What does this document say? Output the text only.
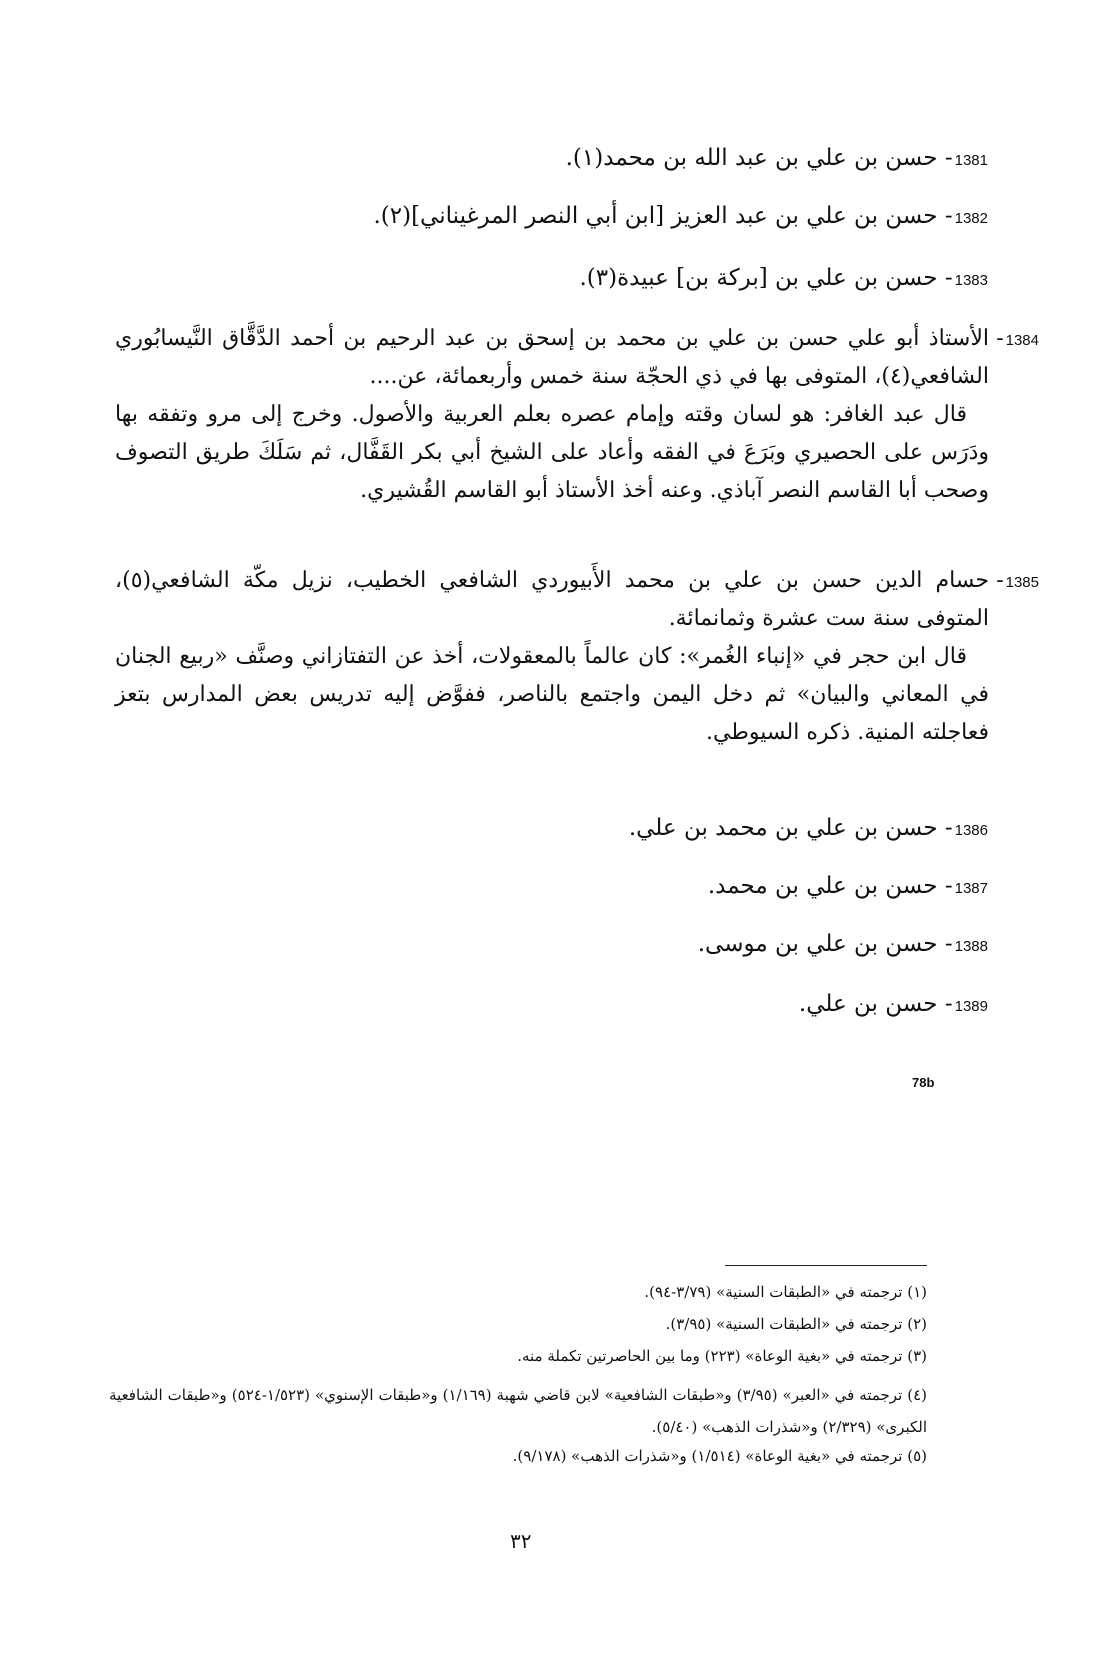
1381- حسن بن علي بن عبد الله بن محمد(١).
1382- حسن بن علي بن عبد العزيز [ابن أبي النصر المرغيناني](٢).
1383- حسن بن علي بن [بركة بن] عبيدة(٣).
1384-

الأستاذ أبو علي حسن بن علي بن محمد بن إسحق بن عبد الرحيم بن أحمد الدَّقَّاق النَّيسابُوري الشافعي(٤)، المتوفى بها في ذي الحجّة سنة خمس وأربعمائة، عن....

قال عبد الغافر: هو لسان وقته وإمام عصره بعلم العربية والأصول. وخرج إلى مرو وتفقه بها ودَرَس على الحصيري وبَرَعَ في الفقه وأعاد على الشيخ أبي بكر القَفَّال، ثم سَلَكَ طريق التصوف وصحب أبا القاسم النصر آباذي. وعنه أخذ الأستاذ أبو القاسم القُشيري.

1385-

حسام الدين حسن بن علي بن محمد الأَبيوردي الشافعي الخطيب، نزيل مكّة الشافعي(٥)، المتوفى سنة ست عشرة وثمانمائة.

قال ابن حجر في «إنباء الغُمر»: كان عالماً بالمعقولات، أخذ عن التفتازاني وصنَّف «ربيع الجنان في المعاني والبيان» ثم دخل اليمن واجتمع بالناصر، ففوَّض إليه تدريس بعض المدارس بتعز فعاجلته المنية. ذكره السيوطي.

1386- حسن بن علي بن محمد بن علي.
1387- حسن بن علي بن محمد.
1388- حسن بن علي بن موسى.
1389- حسن بن علي.
78b
(١) ترجمته في «الطبقات السنية» (٣/٧٩-٩٤).
(٢) ترجمته في «الطبقات السنية» (٣/٩٥).
(٣) ترجمته في «بغية الوعاة» (٢٢٣) وما بين الحاصرتين تكملة منه.
(٤) ترجمته في «العبر» (٣/٩٥) و«طبقات الشافعية» لابن قاضي شهبة (١/١٦٩) و«طبقات الإسنوي» (١/٥٢٣-٥٢٤) و«طبقات الشافعية الكبرى» (٢/٣٢٩) و«شذرات الذهب» (٥/٤٠).
(٥) ترجمته في «بغية الوعاة» (١/٥١٤) و«شذرات الذهب» (٩/١٧٨).
٣٢
